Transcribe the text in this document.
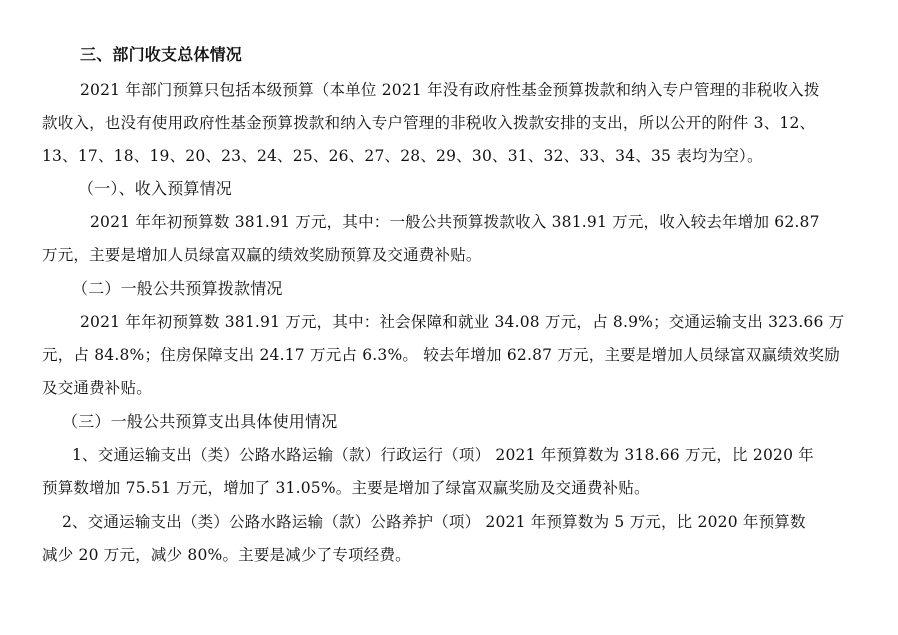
三、部门收支总体情况
2021 年部门预算只包括本级预算（本单位 2021 年没有政府性基金预算拨款和纳入专户管理的非税收入拨
款收入，也没有使用政府性基金预算拨款和纳入专户管理的非税收入拨款安排的支出，所以公开的附件 3、12、
13、17、18、19、20、23、24、25、26、27、28、29、30、31、32、33、34、35 表均为空）。
（一）、收入预算情况
2021 年年初预算数 381.91 万元，其中：一般公共预算拨款收入 381.91 万元，收入较去年增加 62.87
万元，主要是增加人员绿富双赢的绩效奖励预算及交通费补贴。
（二）一般公共预算拨款情况
2021 年年初预算数 381.91 万元，其中：社会保障和就业 34.08 万元，占 8.9%；交通运输支出 323.66 万
元，占 84.8%；住房保障支出 24.17 万元占 6.3%。 较去年增加 62.87 万元，主要是增加人员绿富双赢绩效奖励
及交通费补贴。
（三）一般公共预算支出具体使用情况
1、交通运输支出（类）公路水路运输（款）行政运行（项） 2021 年预算数为 318.66 万元，比 2020 年
预算数增加 75.51 万元，增加了 31.05%。主要是增加了绿富双赢奖励及交通费补贴。
2、交通运输支出（类）公路水路运输（款）公路养护（项） 2021 年预算数为 5 万元，比 2020 年预算数
减少 20 万元，减少 80%。主要是减少了专项经费。
